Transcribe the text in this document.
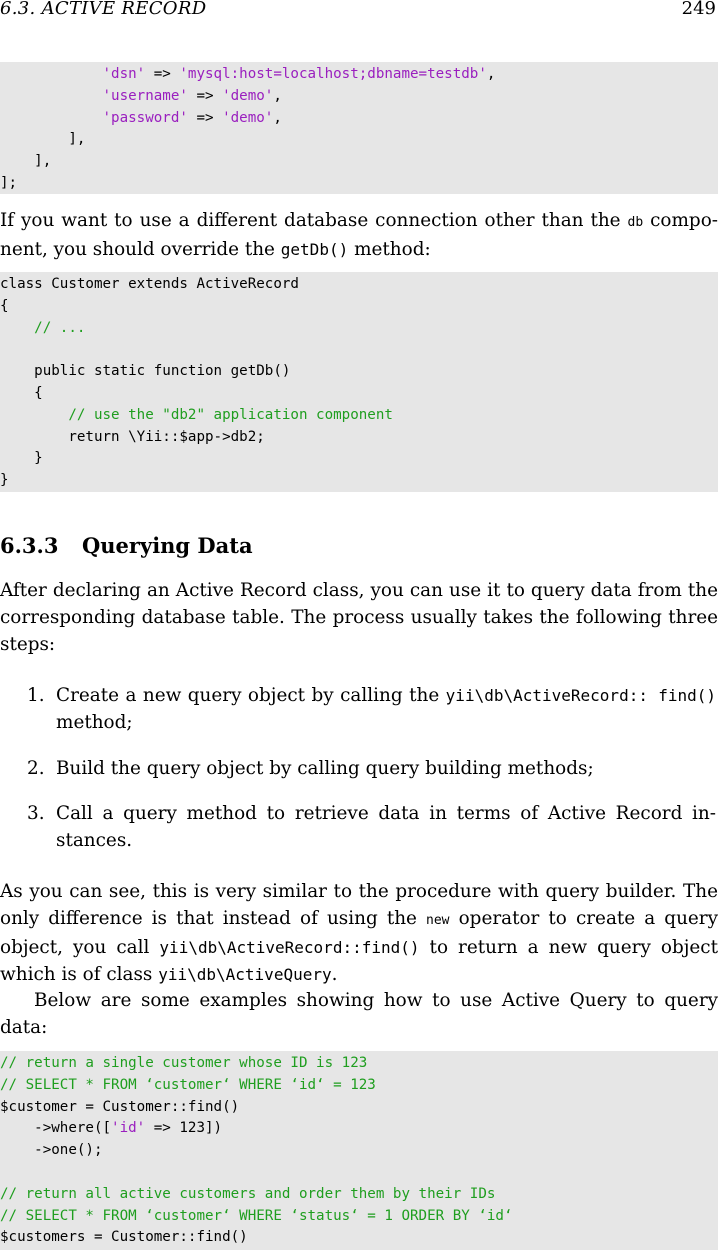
6.3. ACTIVE RECORD	249
'dsn' => 'mysql:host=localhost;dbname=testdb',
'username' => 'demo',
'password' => 'demo',
],
],
];

If you want to use a different database connection other than the db compo- nent, you should override the getDb() method:

class Customer extends ActiveRecord
{
// ...
public static function getDb()
{
// use the "db2" application component
return \Yii::$app->db2;
}
}
6.3.3 Querying Data

After declaring an Active Record class, you can use it to query data from the corresponding database table. The process usually takes the following three steps:

1. Create a new query object by calling the yii\db\ActiveRecord:: find() method;
2. Build the query object by calling query building methods;
3. Call a query method to retrieve data in terms of Active Record in- stances.

As you can see, this is very similar to the procedure with query builder. The only difference is that instead of using the new operator to create a query object, you call yii\db\ActiveRecord::find() to return a new query object which is of class yii\db\ActiveQuery.

Below are some examples showing how to use Active Query to query data:

// return a single customer whose ID is 123
// SELECT * FROM ‘customer‘ WHERE ‘id‘ = 123
$customer = Customer::find()
->where(['id' => 123])
->one();
// return all active customers and order them by their IDs
// SELECT * FROM ‘customer‘ WHERE ‘status‘ = 1 ORDER BY ‘id‘
$customers = Customer::find()
